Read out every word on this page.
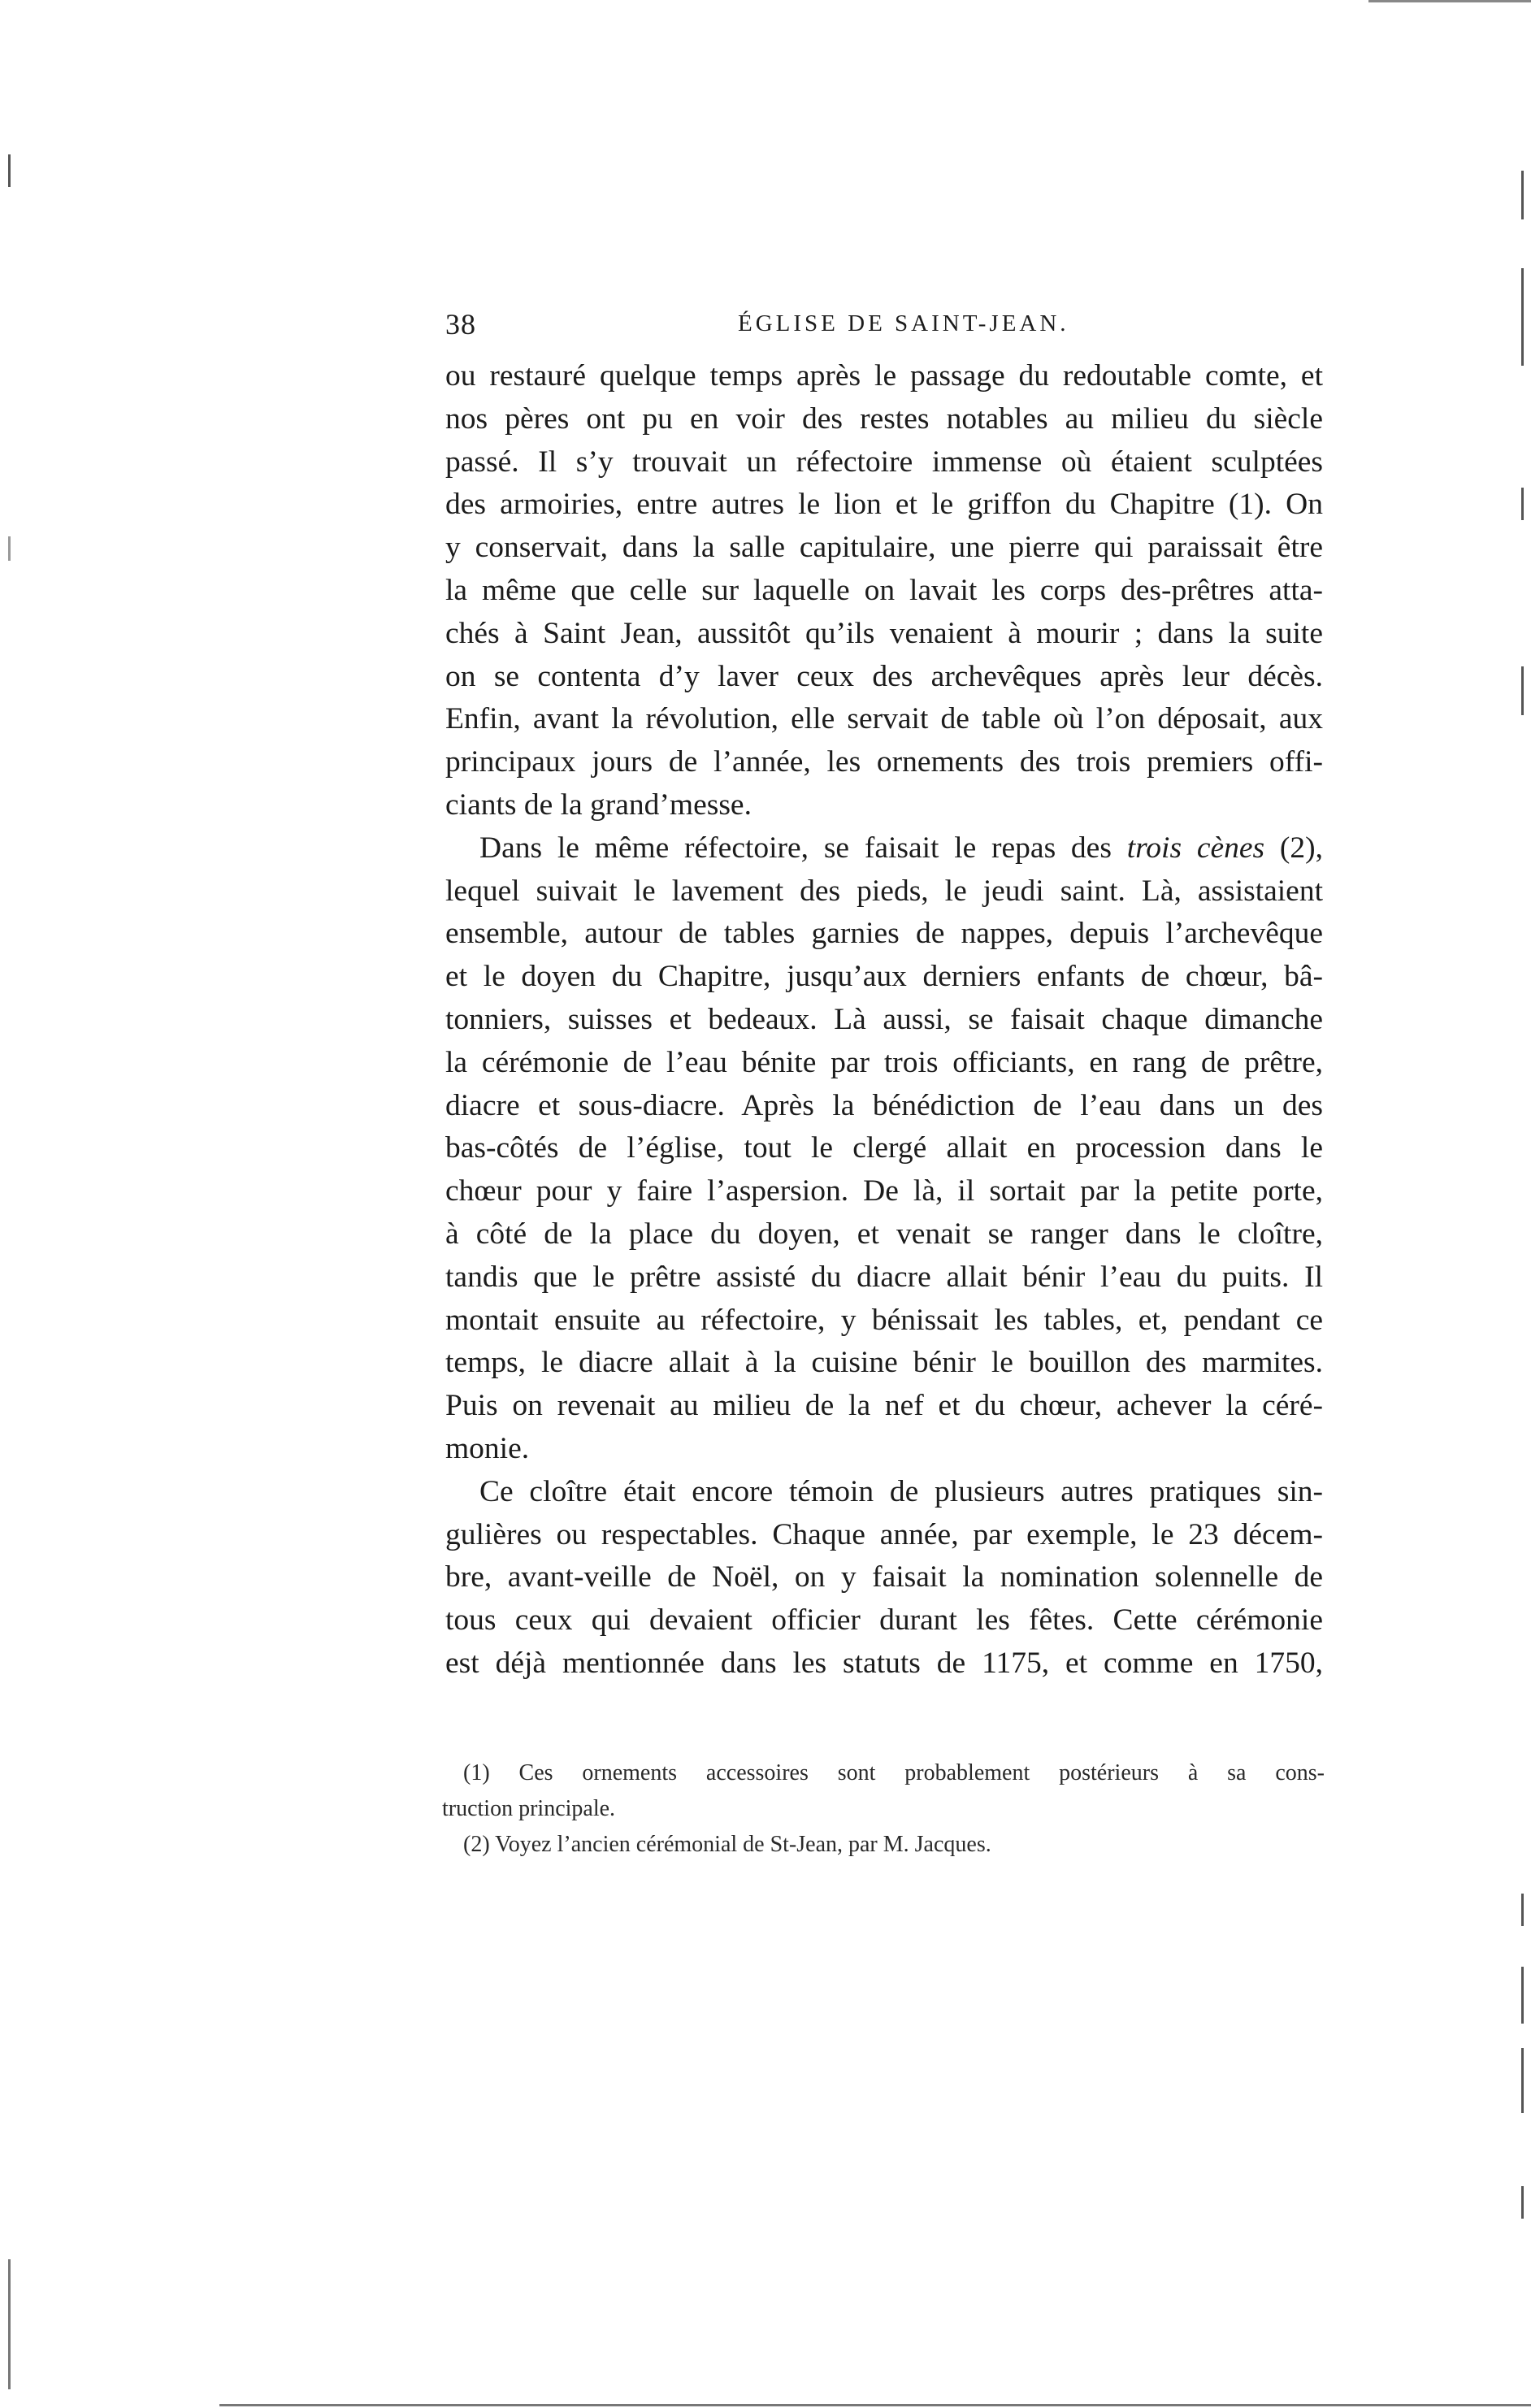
38	ÉGLISE DE SAINT-JEAN.
ou restauré quelque temps après le passage du redoutable comte, et
nos pères ont pu en voir des restes notables au milieu du siècle
passé. Il s’y trouvait un réfectoire immense où étaient sculptées
des armoiries, entre autres le lion et le griffon du Chapitre (1). On
y conservait, dans la salle capitulaire, une pierre qui paraissait être
la même que celle sur laquelle on lavait les corps des-prêtres atta-
chés à Saint Jean, aussitôt qu’ils venaient à mourir ; dans la suite
on se contenta d’y laver ceux des archevêques après leur décès.
Enfin, avant la révolution, elle servait de table où l’on déposait, aux
principaux jours de l’année, les ornements des trois premiers offi-
ciants de la grand’messe.
Dans le même réfectoire, se faisait le repas des trois cènes (2),
lequel suivait le lavement des pieds, le jeudi saint. Là, assistaient
ensemble, autour de tables garnies de nappes, depuis l’archevêque
et le doyen du Chapitre, jusqu’aux derniers enfants de chœur, bâ-
tonniers, suisses et bedeaux. Là aussi, se faisait chaque dimanche
la cérémonie de l’eau bénite par trois officiants, en rang de prêtre,
diacre et sous-diacre. Après la bénédiction de l’eau dans un des
bas-côtés de l’église, tout le clergé allait en procession dans le
chœur pour y faire l’aspersion. De là, il sortait par la petite porte,
à côté de la place du doyen, et venait se ranger dans le cloître,
tandis que le prêtre assisté du diacre allait bénir l’eau du puits. Il
montait ensuite au réfectoire, y bénissait les tables, et, pendant ce
temps, le diacre allait à la cuisine bénir le bouillon des marmites.
Puis on revenait au milieu de la nef et du chœur, achever la céré-
monie.
Ce cloître était encore témoin de plusieurs autres pratiques sin-
gulières ou respectables. Chaque année, par exemple, le 23 décem-
bre, avant-veille de Noël, on y faisait la nomination solennelle de
tous ceux qui devaient officier durant les fêtes. Cette cérémonie
est déjà mentionnée dans les statuts de 1175, et comme en 1750,
(1) Ces ornements accessoires sont probablement postérieurs à sa cons-
truction principale.
(2) Voyez l’ancien cérémonial de St-Jean, par M. Jacques.
